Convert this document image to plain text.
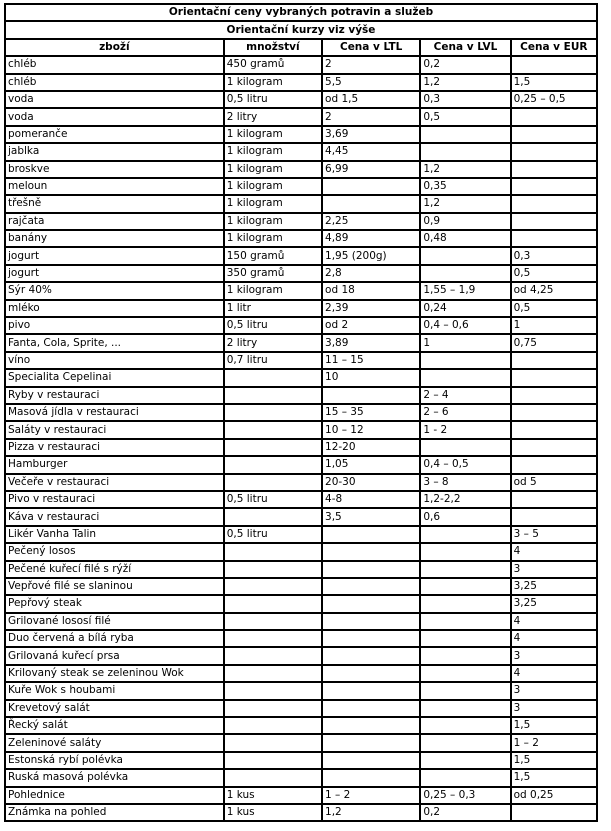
Orientační ceny vybraných potravin a služeb				
Orientační kurzy viz výše				
zboží	množství	Cena v LTL	Cena v LVL	Cena v EUR
chléb	450 gramů	2	0,2	
chléb	1 kilogram	5,5	1,2	1,5
voda	0,5 litru	od 1,5	0,3	0,25 – 0,5
voda	2 litry	2	0,5	
pomeranče	1 kilogram	3,69		
jablka	1 kilogram	4,45		
broskve	1 kilogram	6,99	1,2	
meloun	1 kilogram		0,35	
třešně	1 kilogram		1,2	
rajčata	1 kilogram	2,25	0,9	
banány	1 kilogram	4,89	0,48	
jogurt	150 gramů	1,95 (200g)		0,3
jogurt	350 gramů	2,8		0,5
Sýr 40%	1 kilogram	od 18	1,55 – 1,9	od 4,25
mléko	1 litr	2,39	0,24	0,5
pivo	0,5 litru	od 2	0,4 – 0,6	1
Fanta, Cola, Sprite, ...	2 litry	3,89	1	0,75
víno	0,7 litru	11 – 15		
Specialita Cepelinai		10		
Ryby v restauraci			2 – 4	
Masová jídla v restauraci		15 – 35	2 – 6	
Saláty v restauraci		10 – 12	1 - 2	
Pizza v restauraci		12-20		
Hamburger		1,05	0,4 – 0,5	
Večeře v restauraci		20-30	3 – 8	od 5
Pivo v restauraci	0,5 litru	4-8	1,2-2,2	
Káva v restauraci		3,5	0,6	
Likér Vanha Talin	0,5 litru			3 – 5
Pečený losos				4
Pečené kuřecí filé s rýží				3
Vepřové filé se slaninou				3,25
Pepřový steak				3,25
Grilované lososí filé				4
Duo červená a bílá ryba				4
Grilovaná kuřecí prsa				3
Krilovaný steak se zeleninou Wok				4
Kuře Wok s houbami				3
Krevetový salát				3
Řecký salát				1,5
Zeleninové saláty				1 – 2
Estonská rybí polévka				1,5
Ruská masová polévka				1,5
Pohlednice	1 kus	1 – 2	0,25 – 0,3	od 0,25
Známka na pohled	1 kus	1,2	0,2	
